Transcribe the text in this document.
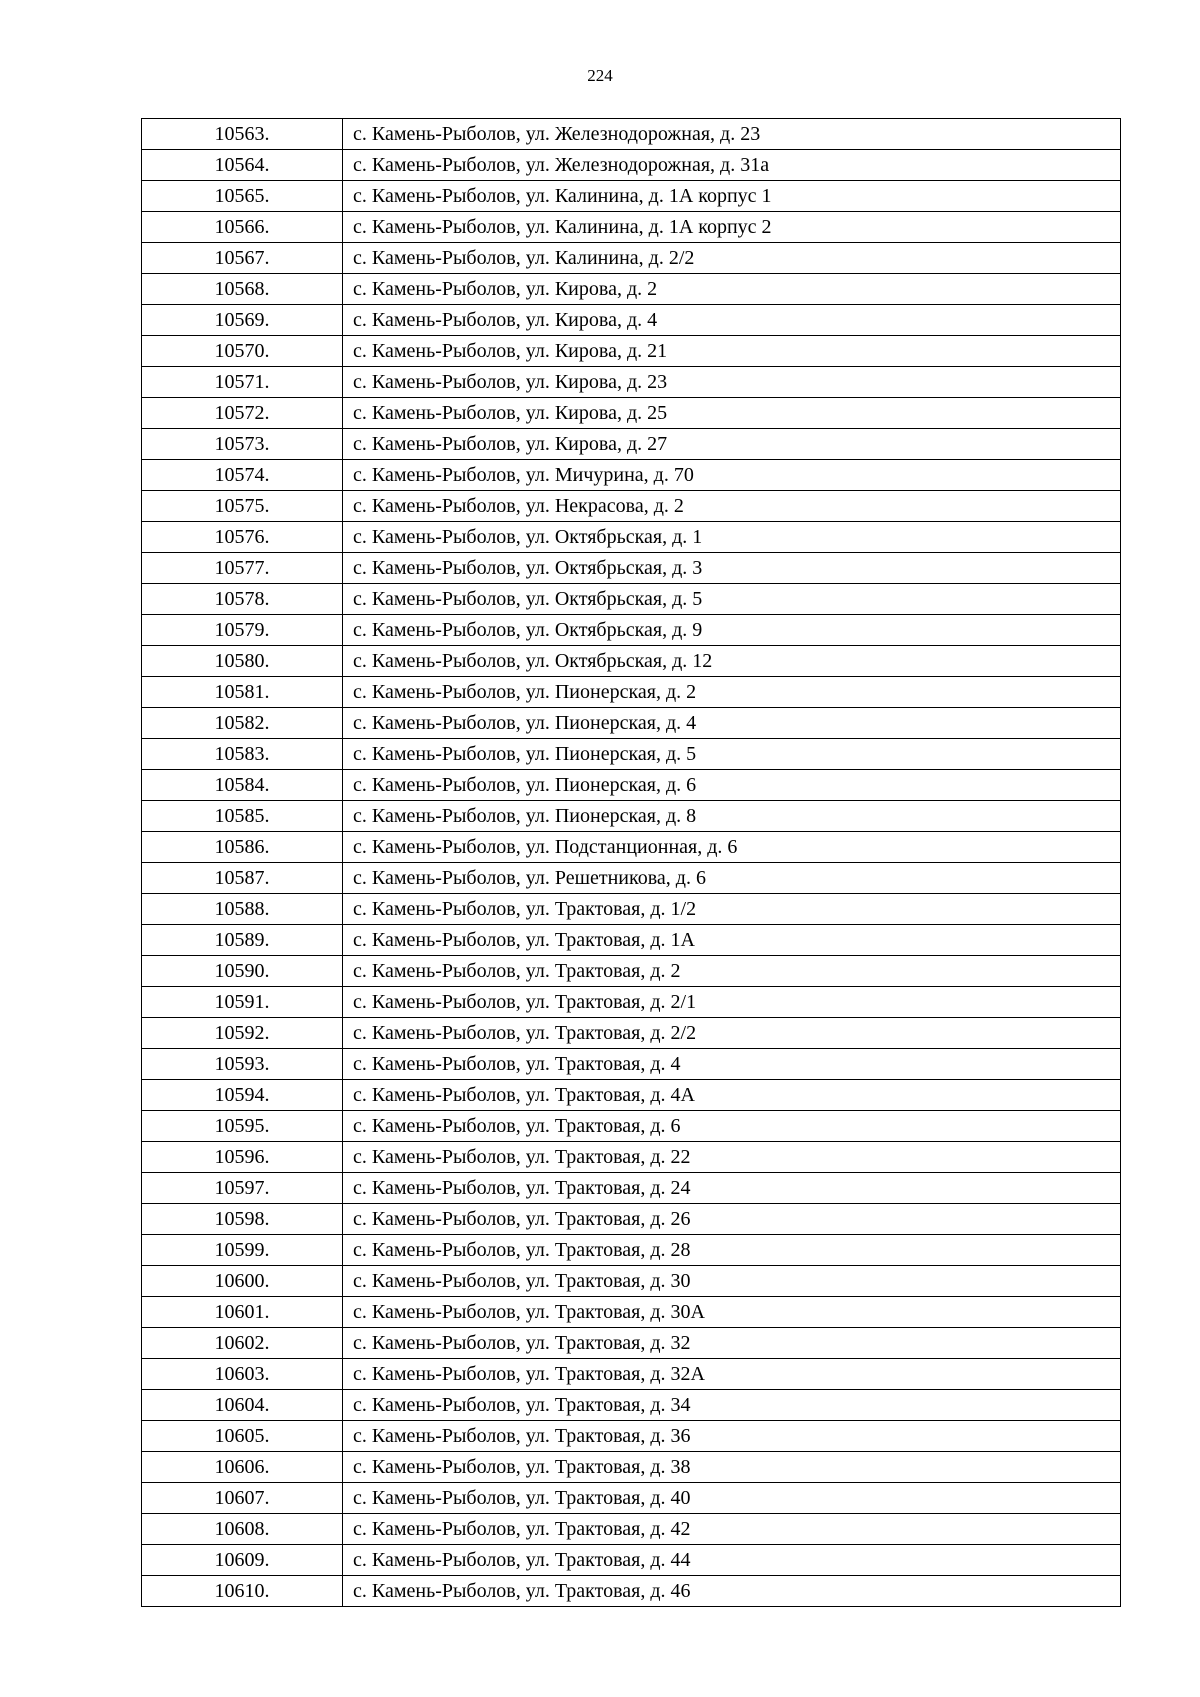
224
10563.	с. Камень-Рыболов, ул. Железнодорожная, д. 23
10564.	с. Камень-Рыболов, ул. Железнодорожная, д. 31а
10565.	с. Камень-Рыболов, ул. Калинина, д. 1А корпус 1
10566.	с. Камень-Рыболов, ул. Калинина, д. 1А корпус 2
10567.	с. Камень-Рыболов, ул. Калинина, д. 2/2
10568.	с. Камень-Рыболов, ул. Кирова, д. 2
10569.	с. Камень-Рыболов, ул. Кирова, д. 4
10570.	с. Камень-Рыболов, ул. Кирова, д. 21
10571.	с. Камень-Рыболов, ул. Кирова, д. 23
10572.	с. Камень-Рыболов, ул. Кирова, д. 25
10573.	с. Камень-Рыболов, ул. Кирова, д. 27
10574.	с. Камень-Рыболов, ул. Мичурина, д. 70
10575.	с. Камень-Рыболов, ул. Некрасова, д. 2
10576.	с. Камень-Рыболов, ул. Октябрьская, д. 1
10577.	с. Камень-Рыболов, ул. Октябрьская, д. 3
10578.	с. Камень-Рыболов, ул. Октябрьская, д. 5
10579.	с. Камень-Рыболов, ул. Октябрьская, д. 9
10580.	с. Камень-Рыболов, ул. Октябрьская, д. 12
10581.	с. Камень-Рыболов, ул. Пионерская, д. 2
10582.	с. Камень-Рыболов, ул. Пионерская, д. 4
10583.	с. Камень-Рыболов, ул. Пионерская, д. 5
10584.	с. Камень-Рыболов, ул. Пионерская, д. 6
10585.	с. Камень-Рыболов, ул. Пионерская, д. 8
10586.	с. Камень-Рыболов, ул. Подстанционная, д. 6
10587.	с. Камень-Рыболов, ул. Решетникова, д. 6
10588.	с. Камень-Рыболов, ул. Трактовая, д. 1/2
10589.	с. Камень-Рыболов, ул. Трактовая, д. 1А
10590.	с. Камень-Рыболов, ул. Трактовая, д. 2
10591.	с. Камень-Рыболов, ул. Трактовая, д. 2/1
10592.	с. Камень-Рыболов, ул. Трактовая, д. 2/2
10593.	с. Камень-Рыболов, ул. Трактовая, д. 4
10594.	с. Камень-Рыболов, ул. Трактовая, д. 4А
10595.	с. Камень-Рыболов, ул. Трактовая, д. 6
10596.	с. Камень-Рыболов, ул. Трактовая, д. 22
10597.	с. Камень-Рыболов, ул. Трактовая, д. 24
10598.	с. Камень-Рыболов, ул. Трактовая, д. 26
10599.	с. Камень-Рыболов, ул. Трактовая, д. 28
10600.	с. Камень-Рыболов, ул. Трактовая, д. 30
10601.	с. Камень-Рыболов, ул. Трактовая, д. 30А
10602.	с. Камень-Рыболов, ул. Трактовая, д. 32
10603.	с. Камень-Рыболов, ул. Трактовая, д. 32А
10604.	с. Камень-Рыболов, ул. Трактовая, д. 34
10605.	с. Камень-Рыболов, ул. Трактовая, д. 36
10606.	с. Камень-Рыболов, ул. Трактовая, д. 38
10607.	с. Камень-Рыболов, ул. Трактовая, д. 40
10608.	с. Камень-Рыболов, ул. Трактовая, д. 42
10609.	с. Камень-Рыболов, ул. Трактовая, д. 44
10610.	с. Камень-Рыболов, ул. Трактовая, д. 46
